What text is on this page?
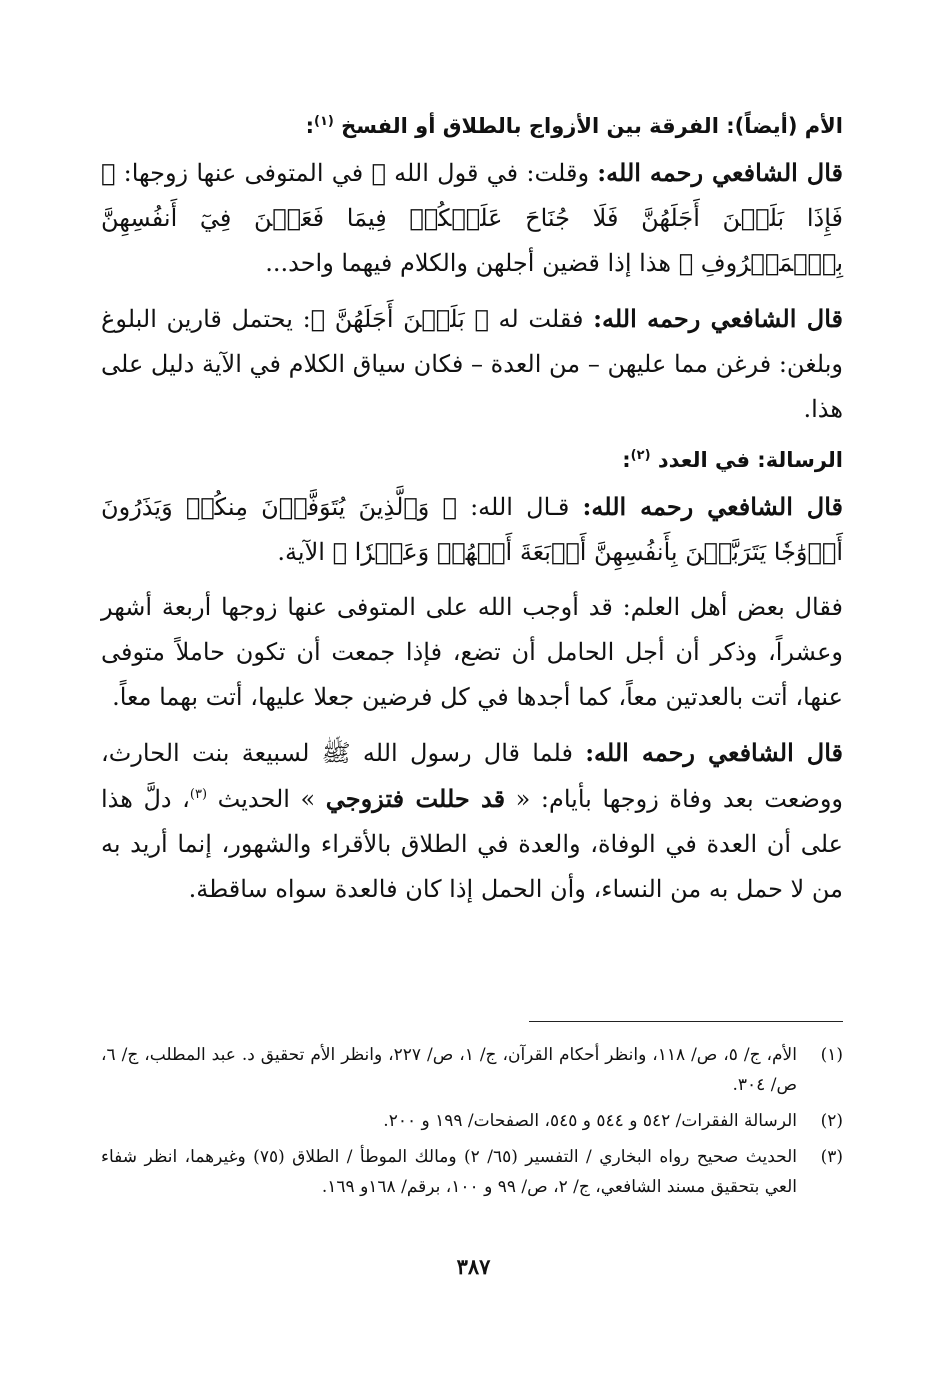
الأم (أيضاً): الفرقة بين الأزواج بالطلاق أو الفسخ $^{(١)}$:

قال الشافعي رحمه الله: وقلت: في قول الله ﷻ في المتوفى عنها زوجها: ﴿ فَإِذَا بَلَغۡنَ أَجَلَهُنَّ فَلَا جُنَاحَ عَلَيۡكُمۡ فِيمَا فَعَلۡنَ فِيٓ أَنفُسِهِنَّ بِٱلۡمَعۡرُوفِ ﴾ هذا إذا قضين أجلهن والكلام فيهما واحد...

قال الشافعي رحمه الله: فقلت له ﴿ بَلَغۡنَ أَجَلَهُنَّ ﴾: يحتمل قارين البلوغ وبلغن: فرغن مما عليهن – من العدة – فكان سياق الكلام في الآية دليل على هذا.

الرسالة: في العدد $^{(٢)}$:

قال الشافعي رحمه الله: قـال الله: ﴿ وَٱلَّذِينَ يُتَوَفَّوۡنَ مِنكُمۡ وَيَذَرُونَ أَزۡوَٰجٗا يَتَرَبَّصۡنَ بِأَنفُسِهِنَّ أَرۡبَعَةَ أَشۡهُرٖ وَعَشۡرٗا ﴾ الآية.

فقال بعض أهل العلم: قد أوجب الله على المتوفى عنها زوجها أربعة أشهر وعشراً، وذكر أن أجل الحامل أن تضع، فإذا جمعت أن تكون حاملاً متوفى عنها، أتت بالعدتين معاً، كما أجدها في كل فرضين جعلا عليها، أتت بهما معاً.

قال الشافعي رحمه الله: فلما قال رسول الله ﷺ لسبيعة بنت الحارث، ووضعت بعد وفاة زوجها بأيام: « قد حللت فتزوجي » الحديث $^{(٣)}$، دلَّ هذا على أن العدة في الوفاة، والعدة في الطلاق بالأقراء والشهور، إنما أريد به من لا حمل به من النساء، وأن الحمل إذا كان فالعدة سواه ساقطة.

(١)
الأم، ج/ ٥، ص/ ١١٨، وانظر أحكام القرآن، ج/ ١، ص/ ٢٢٧، وانظر الأم تحقيق د. عبد المطلب، ج/ ٦، ص/ ٣٠٤.
(٢)
الرسالة الفقرات/ ٥٤٢ و ٥٤٤ و ٥٤٥، الصفحات/ ١٩٩ و ٢٠٠.
(٣)
الحديث صحيح رواه البخاري / التفسير (٦٥/ ٢) ومالك الموطأ / الطلاق (٧٥) وغيرهما، انظر شفاء العي بتحقيق مسند الشافعي، ج/ ٢، ص/ ٩٩ و ١٠٠، برقم/ ١٦٨و ١٦٩.
٣٨٧
